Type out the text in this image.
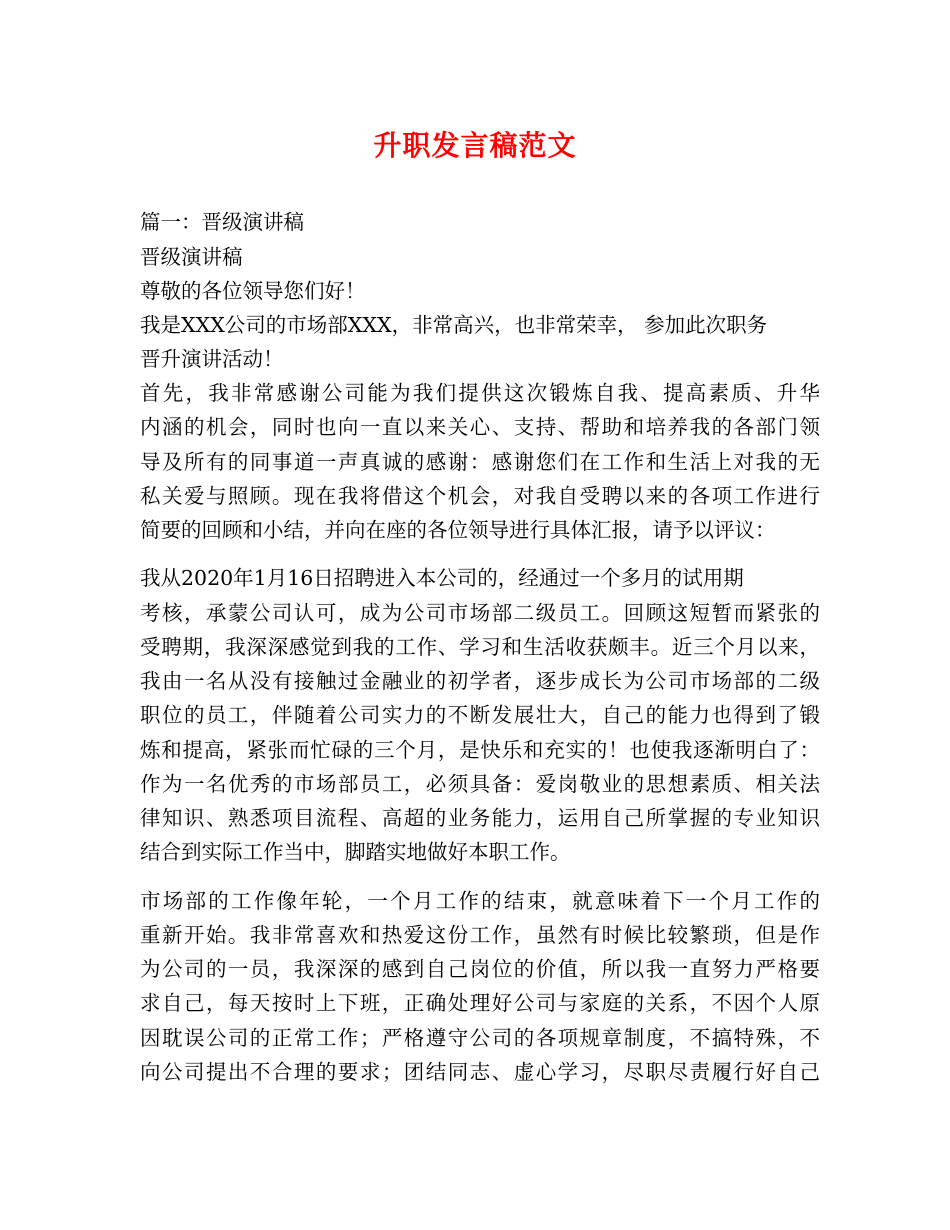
升职发言稿范文
篇一：晋级演讲稿
晋级演讲稿
尊敬的各位领导您们好！
我是XXX公司的市场部XXX，非常高兴，也非常荣幸， 参加此次职务
晋升演讲活动！
首先，我非常感谢公司能为我们提供这次锻炼自我、提高素质、升华
内涵的机会，同时也向一直以来关心、支持、帮助和培养我的各部门领
导及所有的同事道一声真诚的感谢：感谢您们在工作和生活上对我的无
私关爱与照顾。现在我将借这个机会，对我自受聘以来的各项工作进行
简要的回顾和小结，并向在座的各位领导进行具体汇报，请予以评议：
我从2020年1月16日招聘进入本公司的，经通过一个多月的试用期
考核，承蒙公司认可，成为公司市场部二级员工。回顾这短暂而紧张的
受聘期，我深深感觉到我的工作、学习和生活收获颇丰。近三个月以来，
我由一名从没有接触过金融业的初学者，逐步成长为公司市场部的二级
职位的员工，伴随着公司实力的不断发展壮大，自己的能力也得到了锻
炼和提高，紧张而忙碌的三个月，是快乐和充实的！也使我逐渐明白了：
作为一名优秀的市场部员工，必须具备：爱岗敬业的思想素质、相关法
律知识、熟悉项目流程、高超的业务能力，运用自己所掌握的专业知识
结合到实际工作当中，脚踏实地做好本职工作。
市场部的工作像年轮，一个月工作的结束，就意味着下一个月工作的
重新开始。我非常喜欢和热爱这份工作，虽然有时候比较繁琐，但是作
为公司的一员，我深深的感到自己岗位的价值，所以我一直努力严格要
求自己，每天按时上下班，正确处理好公司与家庭的关系，不因个人原
因耽误公司的正常工作；严格遵守公司的各项规章制度，不搞特殊，不
向公司提出不合理的要求；团结同志、虚心学习，尽职尽责履行好自己
